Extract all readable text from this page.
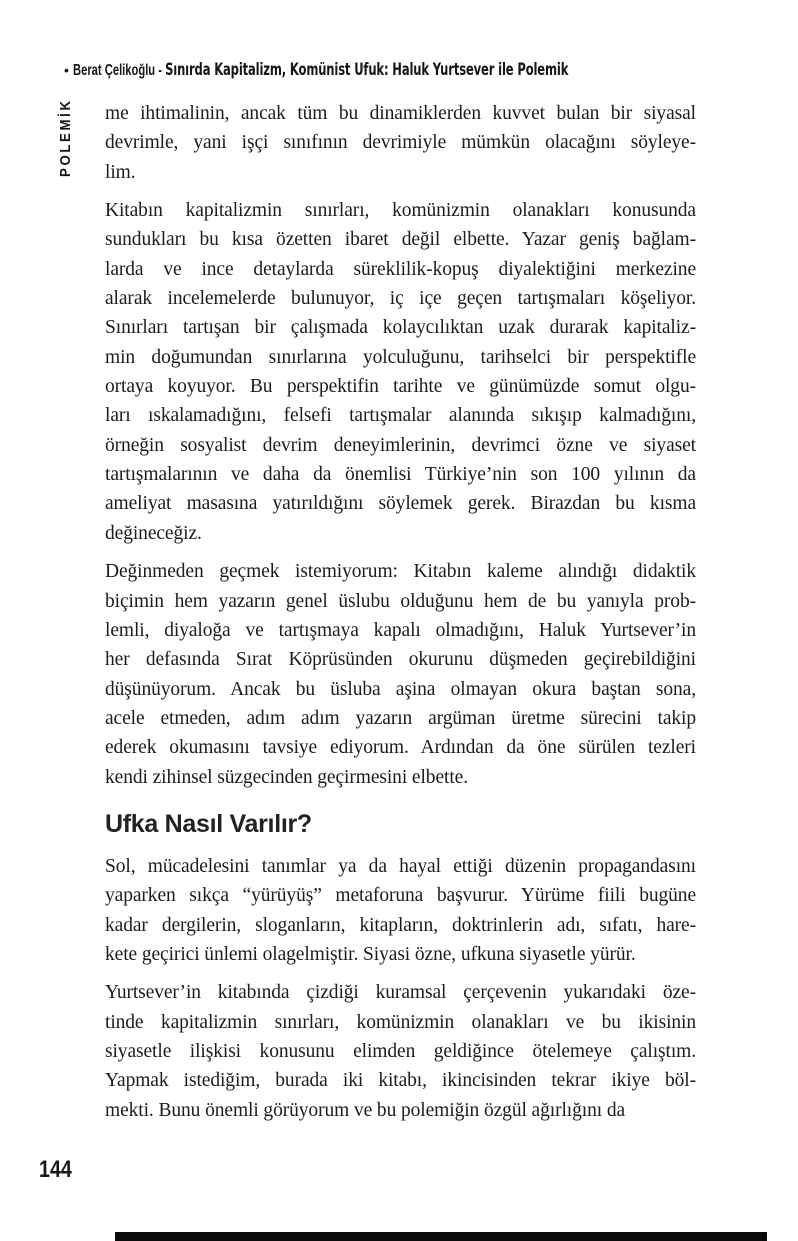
• Berat Çelikoğlu - Sınırda Kapitalizm, Komünist Ufuk: Haluk Yurtsever ile Polemik
POLEMİK me ihtimalinin, ancak tüm bu dinamiklerden kuvvet bulan bir siyasal
devrimle, yani işçi sınıfının devrimiyle mümkün olacağını söyleye-
lim.
Kitabın kapitalizmin sınırları, komünizmin olanakları konusunda
sundukları bu kısa özetten ibaret değil elbette. Yazar geniş bağlam-
larda ve ince detaylarda süreklilik-kopuş diyalektiğini merkezine
alarak incelemelerde bulunuyor, iç içe geçen tartışmaları köşeliyor.
Sınırları tartışan bir çalışmada kolaycılıktan uzak durarak kapitaliz-
min doğumundan sınırlarına yolculuğunu, tarihselci bir perspektifle
ortaya koyuyor. Bu perspektifin tarihte ve günümüzde somut olgu-
ları ıskalamadığını, felsefi tartışmalar alanında sıkışıp kalmadığını,
örneğin sosyalist devrim deneyimlerinin, devrimci özne ve siyaset
tartışmalarının ve daha da önemlisi Türkiye’nin son 100 yılının da
ameliyat masasına yatırıldığını söylemek gerek. Birazdan bu kısma
değineceğiz.
Değinmeden geçmek istemiyorum: Kitabın kaleme alındığı didaktik
biçimin hem yazarın genel üslubu olduğunu hem de bu yanıyla prob-
lemli, diyaloğa ve tartışmaya kapalı olmadığını, Haluk Yurtsever’in
her defasında Sırat Köprüsünden okurunu düşmeden geçirebildiğini
düşünüyorum. Ancak bu üsluba aşina olmayan okura baştan sona,
acele etmeden, adım adım yazarın argüman üretme sürecini takip
ederek okumasını tavsiye ediyorum. Ardından da öne sürülen tezleri
kendi zihinsel süzgecinden geçirmesini elbette.
Ufka Nasıl Varılır?
Sol, mücadelesini tanımlar ya da hayal ettiği düzenin propagandasını
yaparken sıkça “yürüyüş” metaforuna başvurur. Yürüme fiili bugüne
kadar dergilerin, sloganların, kitapların, doktrinlerin adı, sıfatı, hare-
kete geçirici ünlemi olagelmiştir. Siyasi özne, ufkuna siyasetle yürür.
Yurtsever’in kitabında çizdiği kuramsal çerçevenin yukarıdaki öze-
tinde kapitalizmin sınırları, komünizmin olanakları ve bu ikisinin
siyasetle ilişkisi konusunu elimden geldiğince ötelemeye çalıştım.
Yapmak istediğim, burada iki kitabı, ikincisinden tekrar ikiye böl-
mekti. Bunu önemli görüyorum ve bu polemiğin özgül ağırlığını da
144
